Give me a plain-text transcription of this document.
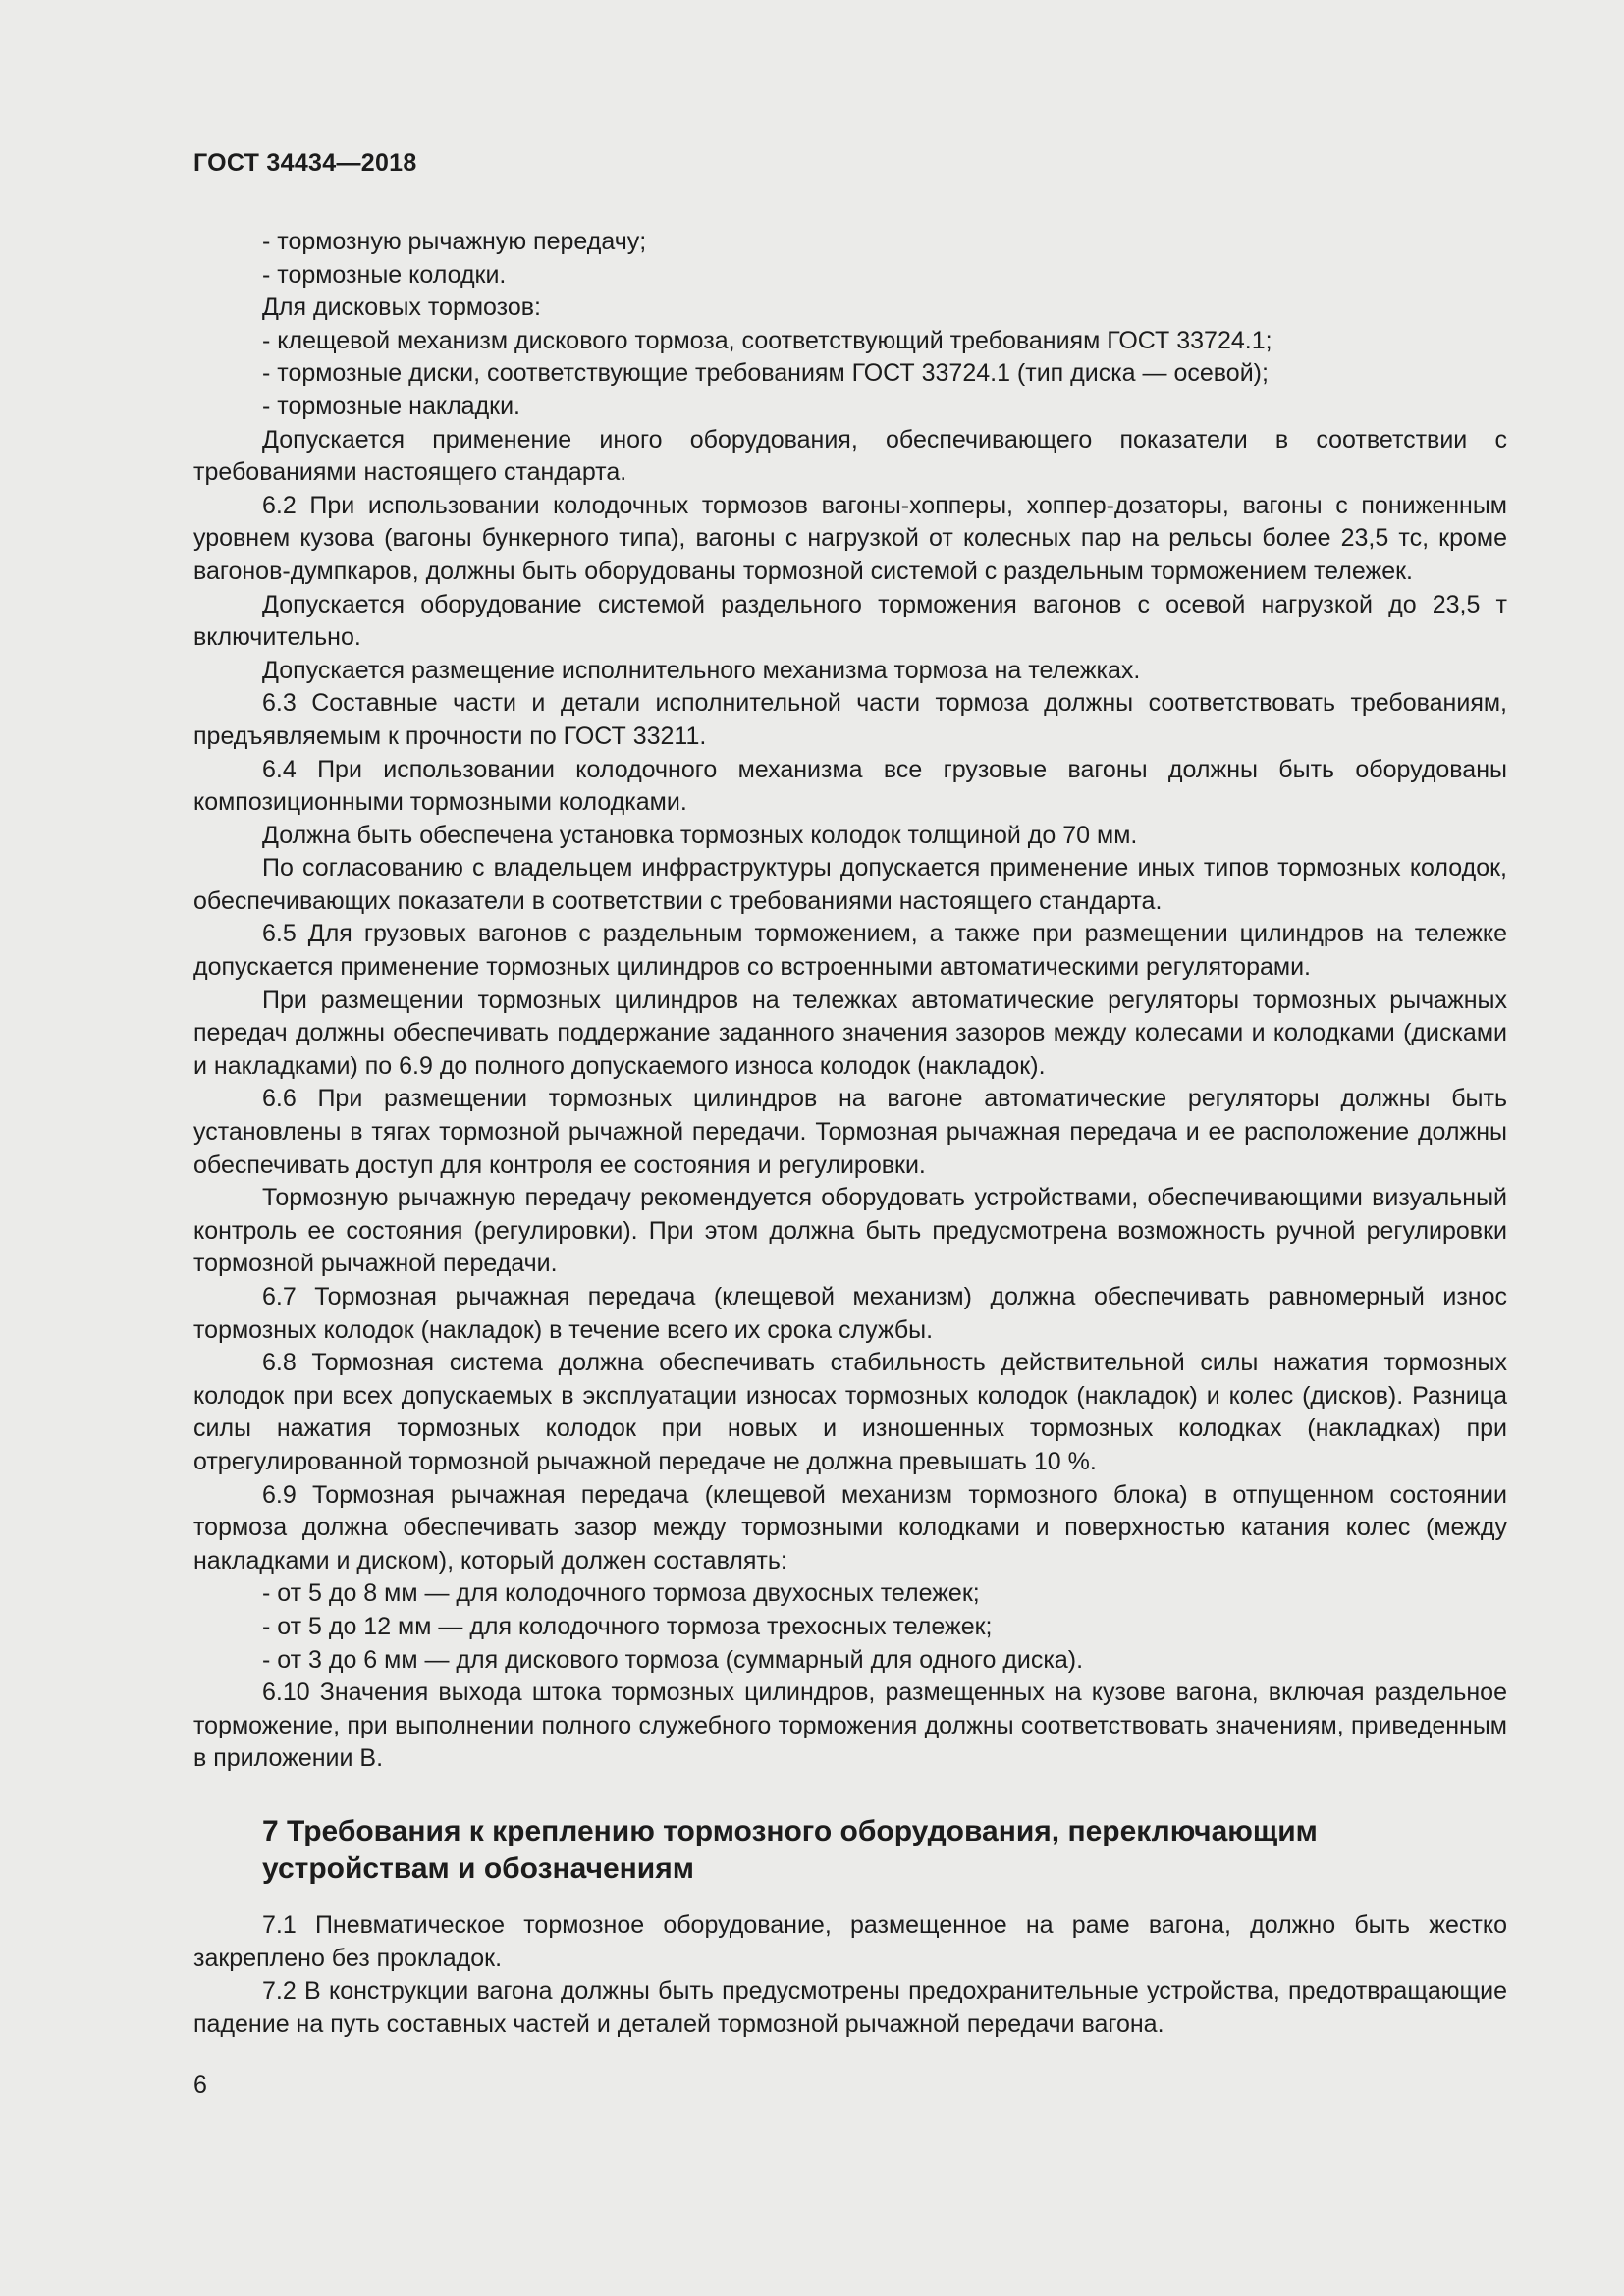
ГОСТ 34434—2018

- тормозную рычажную передачу;

- тормозные колодки.

Для дисковых тормозов:

- клещевой механизм дискового тормоза, соответствующий требованиям ГОСТ 33724.1;

- тормозные диски, соответствующие требованиям ГОСТ 33724.1 (тип диска — осевой);

- тормозные накладки.

Допускается применение иного оборудования, обеспечивающего показатели в соответствии с требованиями настоящего стандарта.

6.2 При использовании колодочных тормозов вагоны-хопперы, хоппер-дозаторы, вагоны с пониженным уровнем кузова (вагоны бункерного типа), вагоны с нагрузкой от колесных пар на рельсы более 23,5 тс, кроме вагонов-думпкаров, должны быть оборудованы тормозной системой с раздельным торможением тележек.

Допускается оборудование системой раздельного торможения вагонов с осевой нагрузкой до 23,5 т включительно.

Допускается размещение исполнительного механизма тормоза на тележках.

6.3 Составные части и детали исполнительной части тормоза должны соответствовать требованиям, предъявляемым к прочности по ГОСТ 33211.

6.4 При использовании колодочного механизма все грузовые вагоны должны быть оборудованы композиционными тормозными колодками.

Должна быть обеспечена установка тормозных колодок толщиной до 70 мм.

По согласованию с владельцем инфраструктуры допускается применение иных типов тормозных колодок, обеспечивающих показатели в соответствии с требованиями настоящего стандарта.

6.5 Для грузовых вагонов с раздельным торможением, а также при размещении цилиндров на тележке допускается применение тормозных цилиндров со встроенными автоматическими регуляторами.

При размещении тормозных цилиндров на тележках автоматические регуляторы тормозных рычажных передач должны обеспечивать поддержание заданного значения зазоров между колесами и колодками (дисками и накладками) по 6.9 до полного допускаемого износа колодок (накладок).

6.6 При размещении тормозных цилиндров на вагоне автоматические регуляторы должны быть установлены в тягах тормозной рычажной передачи. Тормозная рычажная передача и ее расположение должны обеспечивать доступ для контроля ее состояния и регулировки.

Тормозную рычажную передачу рекомендуется оборудовать устройствами, обеспечивающими визуальный контроль ее состояния (регулировки). При этом должна быть предусмотрена возможность ручной регулировки тормозной рычажной передачи.

6.7 Тормозная рычажная передача (клещевой механизм) должна обеспечивать равномерный износ тормозных колодок (накладок) в течение всего их срока службы.

6.8 Тормозная система должна обеспечивать стабильность действительной силы нажатия тормозных колодок при всех допускаемых в эксплуатации износах тормозных колодок (накладок) и колес (дисков). Разница силы нажатия тормозных колодок при новых и изношенных тормозных колодках (накладках) при отрегулированной тормозной рычажной передаче не должна превышать 10 %.

6.9 Тормозная рычажная передача (клещевой механизм тормозного блока) в отпущенном состоянии тормоза должна обеспечивать зазор между тормозными колодками и поверхностью катания колес (между накладками и диском), который должен составлять:

- от 5 до 8 мм — для колодочного тормоза двухосных тележек;

- от 5 до 12 мм — для колодочного тормоза трехосных тележек;

- от 3 до 6 мм — для дискового тормоза (суммарный для одного диска).

6.10 Значения выхода штока тормозных цилиндров, размещенных на кузове вагона, включая раздельное торможение, при выполнении полного служебного торможения должны соответствовать значениям, приведенным в приложении В.

7 Требования к креплению тормозного оборудования, переключающим устройствам и обозначениям

7.1 Пневматическое тормозное оборудование, размещенное на раме вагона, должно быть жестко закреплено без прокладок.

7.2 В конструкции вагона должны быть предусмотрены предохранительные устройства, предотвращающие падение на путь составных частей и деталей тормозной рычажной передачи вагона.

6
